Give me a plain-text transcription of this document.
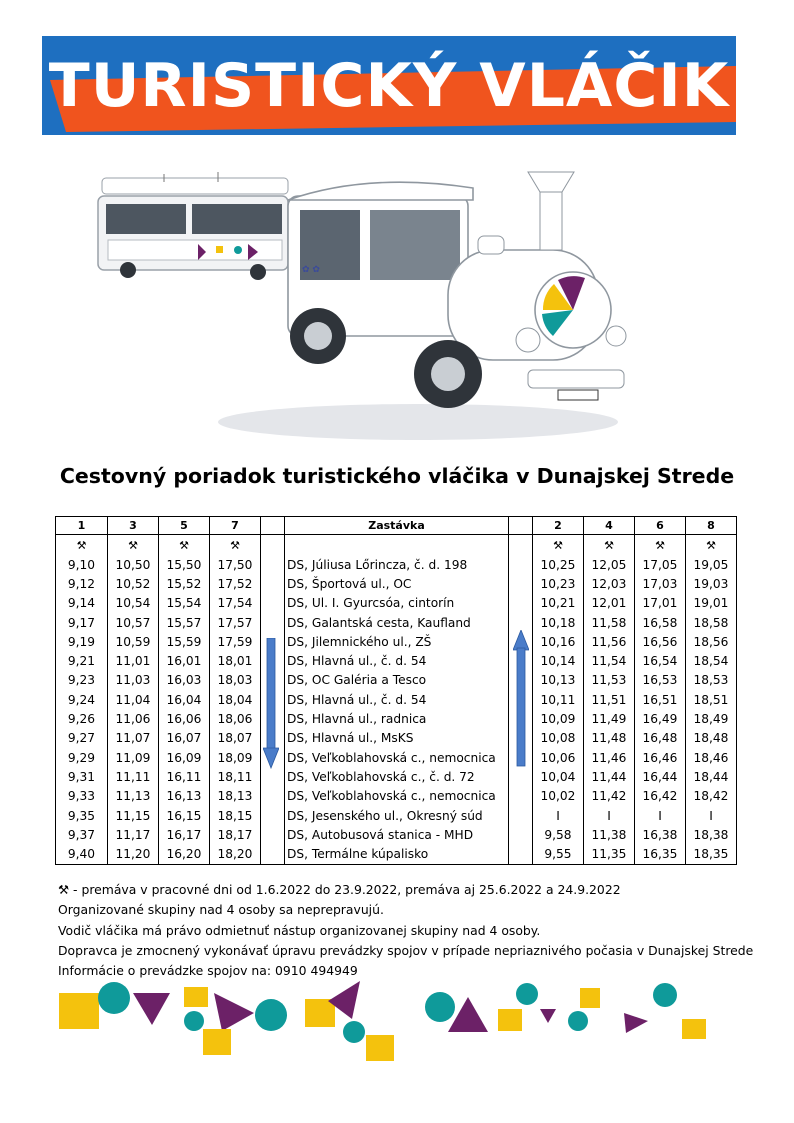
TURISTICKÝ VLÁČIK
✿ ✿
Cestovný poriadok turistického vláčika v Dunajskej Strede
1	3	5	7		Zastávka		2	4	6	8
⚒	⚒	⚒	⚒				⚒	⚒	⚒	⚒
9,10	10,50	15,50	17,50		DS, Júliusa Lőrincza, č. d. 198		10,25	12,05	17,05	19,05
9,12	10,52	15,52	17,52		DS, Športová ul., OC		10,23	12,03	17,03	19,03
9,14	10,54	15,54	17,54		DS, Ul. I. Gyurcsóa, cintorín		10,21	12,01	17,01	19,01
9,17	10,57	15,57	17,57		DS, Galantská cesta, Kaufland		10,18	11,58	16,58	18,58
9,19	10,59	15,59	17,59		DS, Jilemnického ul., ZŠ		10,16	11,56	16,56	18,56
9,21	11,01	16,01	18,01		DS, Hlavná ul., č. d. 54		10,14	11,54	16,54	18,54
9,23	11,03	16,03	18,03		DS, OC Galéria a Tesco		10,13	11,53	16,53	18,53
9,24	11,04	16,04	18,04		DS, Hlavná ul., č. d. 54		10,11	11,51	16,51	18,51
9,26	11,06	16,06	18,06		DS, Hlavná ul., radnica		10,09	11,49	16,49	18,49
9,27	11,07	16,07	18,07		DS, Hlavná ul., MsKS		10,08	11,48	16,48	18,48
9,29	11,09	16,09	18,09		DS, Veľkoblahovská c., nemocnica		10,06	11,46	16,46	18,46
9,31	11,11	16,11	18,11		DS, Veľkoblahovská c., č. d. 72		10,04	11,44	16,44	18,44
9,33	11,13	16,13	18,13		DS, Veľkoblahovská c., nemocnica		10,02	11,42	16,42	18,42
9,35	11,15	16,15	18,15		DS, Jesenského ul., Okresný súd		I	I	I	I
9,37	11,17	16,17	18,17		DS, Autobusová stanica - MHD		9,58	11,38	16,38	18,38
9,40	11,20	16,20	18,20		DS, Termálne kúpalisko		9,55	11,35	16,35	18,35

⚒ - premáva v pracovné dni od 1.6.2022 do 23.9.2022, premáva aj 25.6.2022 a 24.9.2022

Organizované skupiny nad 4 osoby sa neprepravujú.

Vodič vláčika má právo odmietnuť nástup organizovanej skupiny nad 4 osoby.

Dopravca je zmocnený vykonávať úpravu prevádzky spojov v prípade nepriaznivého počasia v Dunajskej Strede

Informácie o prevádzke spojov na: 0910 494949
